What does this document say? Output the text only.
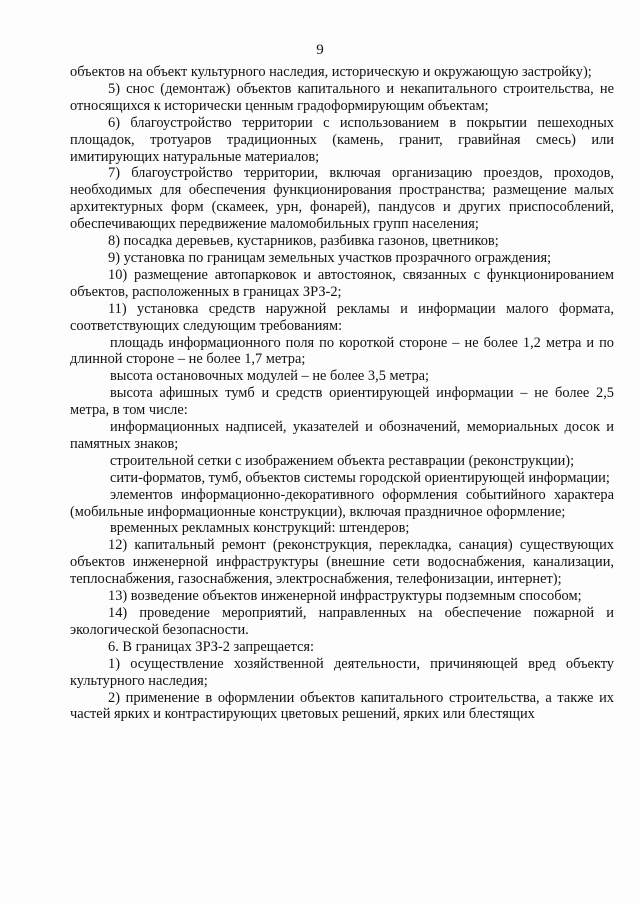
9

объектов на объект культурного наследия, историческую и окружающую застройку);

5) снос (демонтаж) объектов капитального и некапитального строительства, не относящихся к исторически ценным градоформирующим объектам;

6) благоустройство территории с использованием в покрытии пешеходных площадок, тротуаров традиционных (камень, гранит, гравийная смесь) или имитирующих натуральные материалов;

7) благоустройство территории, включая организацию проездов, проходов, необходимых для обеспечения функционирования пространства; размещение малых архитектурных форм (скамеек, урн, фонарей), пандусов и других приспособлений, обеспечивающих передвижение маломобильных групп населения;

8) посадка деревьев, кустарников, разбивка газонов, цветников;

9) установка по границам земельных участков прозрачного ограждения;

10) размещение автопарковок и автостоянок, связанных с функционированием объектов, расположенных в границах ЗРЗ-2;

11) установка средств наружной рекламы и информации малого формата, соответствующих следующим требованиям:

площадь информационного поля по короткой стороне – не более 1,2 метра и по длинной стороне – не более 1,7 метра;

высота остановочных модулей – не более 3,5 метра;

высота афишных тумб и средств ориентирующей информации – не более 2,5 метра, в том числе:

информационных надписей, указателей и обозначений, мемориальных досок и памятных знаков;

строительной сетки с изображением объекта реставрации (реконструкции);

сити-форматов, тумб, объектов системы городской ориентирующей информации;

элементов информационно-декоративного оформления событийного характера (мобильные информационные конструкции), включая праздничное оформление;

временных рекламных конструкций: штендеров;

12) капитальный ремонт (реконструкция, перекладка, санация) существующих объектов инженерной инфраструктуры (внешние сети водоснабжения, канализации, теплоснабжения, газоснабжения, электроснабжения, телефонизации, интернет);

13) возведение объектов инженерной инфраструктуры подземным способом;

14) проведение мероприятий, направленных на обеспечение пожарной и экологической безопасности.

6. В границах ЗРЗ-2 запрещается:

1) осуществление хозяйственной деятельности, причиняющей вред объекту культурного наследия;

2) применение в оформлении объектов капитального строительства, а также их частей ярких и контрастирующих цветовых решений, ярких или блестящих
